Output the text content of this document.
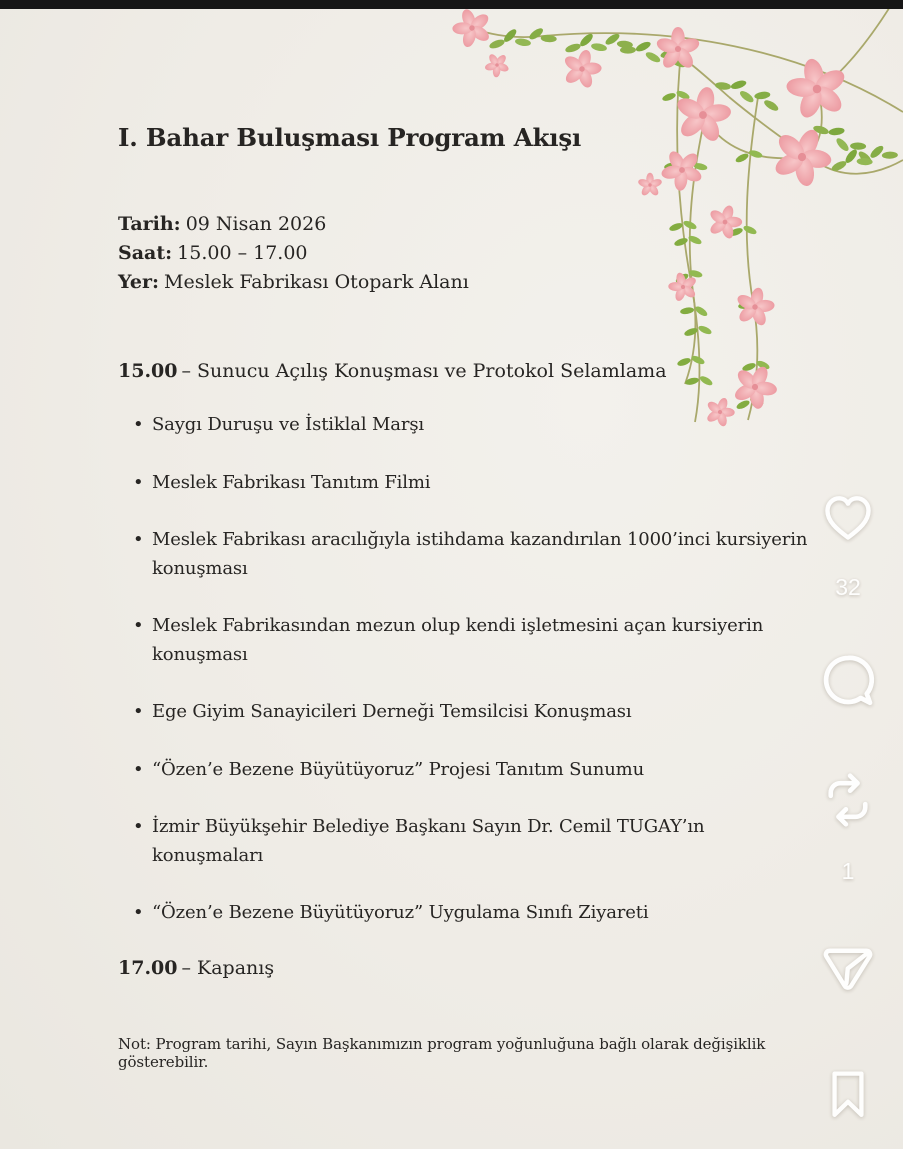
I. Bahar Buluşması Program Akışı
Tarih: 09 Nisan 2026
Saat: 15.00 – 17.00
Yer: Meslek Fabrikası Otopark Alanı

15.00 – Sunucu Açılış Konuşması ve Protokol Selamlama

• Saygı Duruşu ve İstiklal Marşı
• Meslek Fabrikası Tanıtım Filmi
• Meslek Fabrikası aracılığıyla istihdama kazandırılan 1000’inci kursiyerin konuşması
• Meslek Fabrikasından mezun olup kendi işletmesini açan kursiyerin konuşması
• Ege Giyim Sanayicileri Derneği Temsilcisi Konuşması
• “Özen’e Bezene Büyütüyoruz” Projesi Tanıtım Sunumu
• İzmir Büyükşehir Belediye Başkanı Sayın Dr. Cemil TUGAY’ın konuşmaları
• “Özen’e Bezene Büyütüyoruz” Uygulama Sınıfı Ziyareti

17.00 – Kapanış

Not: Program tarihi, Sayın Başkanımızın program yoğunluğuna bağlı olarak değişiklik gösterebilir.

32
1
